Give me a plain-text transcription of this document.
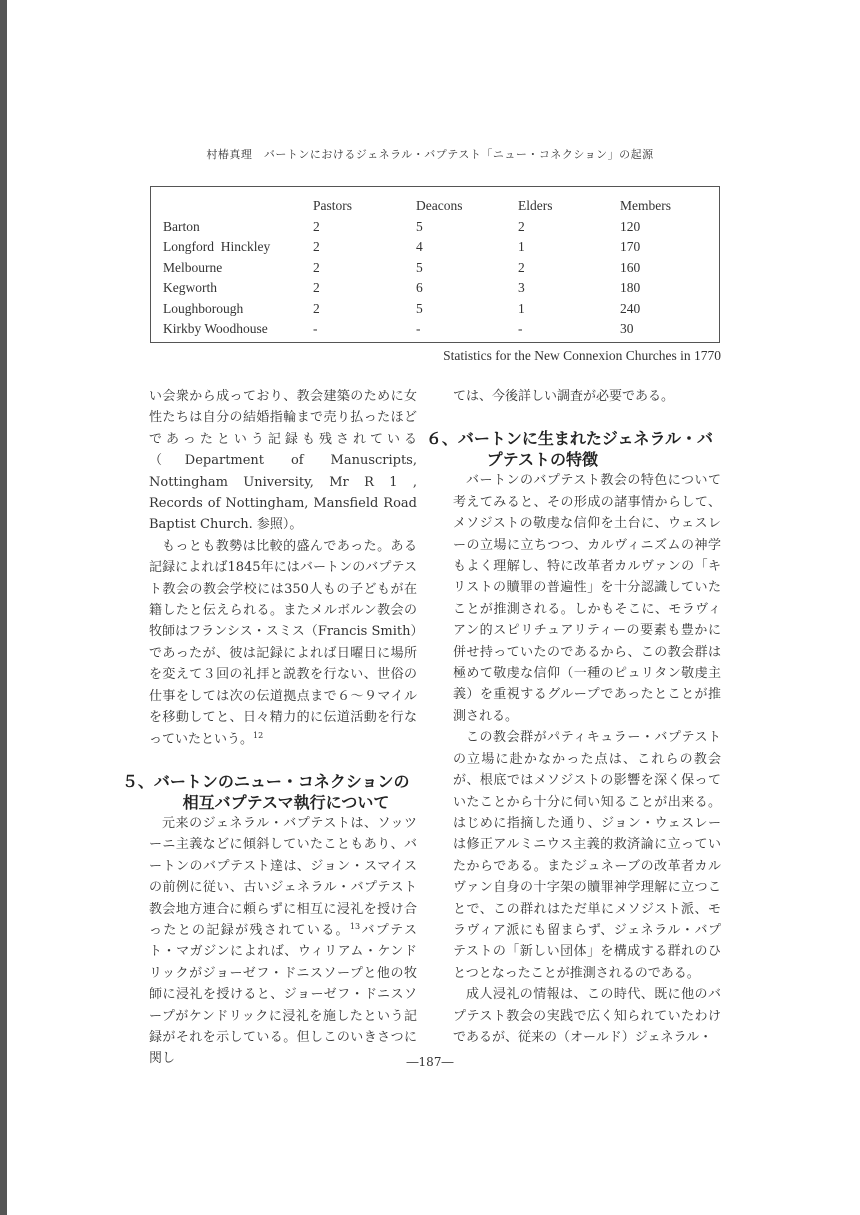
村椿真理　バートンにおけるジェネラル・バプテスト「ニュー・コネクション」の起源
	Pastors	Deacons	Elders	Members
Barton	2	5	2	120
Longford  Hinckley	2	4	1	170
Melbourne	2	5	2	160
Kegworth	2	6	3	180
Loughborough	2	5	1	240
Kirkby Woodhouse	-	-	-	30
Statistics for the New Connexion Churches in 1770

い会衆から成っており、教会建築のために女性たちは自分の結婚指輪まで売り払ったほどであったという記録も残されている（Department of Manuscripts, Nottingham University, Mr R 1 , Records of Nottingham, Mansfield Road Baptist Church. 参照）。

もっとも教勢は比較的盛んであった。ある記録によれば1845年にはバートンのバプテスト教会の教会学校には350人もの子どもが在籍したと伝えられる。またメルボルン教会の牧師はフランシス・スミス（Francis Smith）であったが、彼は記録によれば日曜日に場所を変えて３回の礼拝と説教を行ない、世俗の仕事をしては次の伝道拠点まで６～９マイルを移動してと、日々精力的に伝道活動を行なっていたという。$^{12}$

５、バートンのニュー・コネクションの相互バプテスマ執行について

元来のジェネラル・バプテストは、ソッツーニ主義などに傾斜していたこともあり、バートンのバプテスト達は、ジョン・スマイスの前例に従い、古いジェネラル・バプテスト教会地方連合に頼らずに相互に浸礼を授け合ったとの記録が残されている。$^{13}$バプテスト・マガジンによれば、ウィリアム・ケンドリックがジョーゼフ・ドニスソープと他の牧師に浸礼を授けると、ジョーゼフ・ドニスソープがケンドリックに浸礼を施したという記録がそれを示している。但しこのいきさつに関し

ては、今後詳しい調査が必要である。

６、バートンに生まれたジェネラル・バプテストの特徴

バートンのバプテスト教会の特色について考えてみると、その形成の諸事情からして、メソジストの敬虔な信仰を土台に、ウェスレーの立場に立ちつつ、カルヴィニズムの神学もよく理解し、特に改革者カルヴァンの「キリストの贖罪の普遍性」を十分認識していたことが推測される。しかもそこに、モラヴィアン的スピリチュアリティーの要素も豊かに併せ持っていたのであるから、この教会群は極めて敬虔な信仰（一種のピュリタン敬虔主義）を重視するグループであったとことが推測される。

この教会群がパティキュラー・バプテストの立場に赴かなかった点は、これらの教会が、根底ではメソジストの影響を深く保っていたことから十分に伺い知ることが出来る。はじめに指摘した通り、ジョン・ウェスレーは修正アルミニウス主義的救済論に立っていたからである。またジュネーブの改革者カルヴァン自身の十字架の贖罪神学理解に立つことで、この群れはただ単にメソジスト派、モラヴィア派にも留まらず、ジェネラル・バプテストの「新しい団体」を構成する群れのひとつとなったことが推測されるのである。

成人浸礼の情報は、この時代、既に他のバプテスト教会の実践で広く知られていたわけであるが、従来の（オールド）ジェネラル・

―187―
